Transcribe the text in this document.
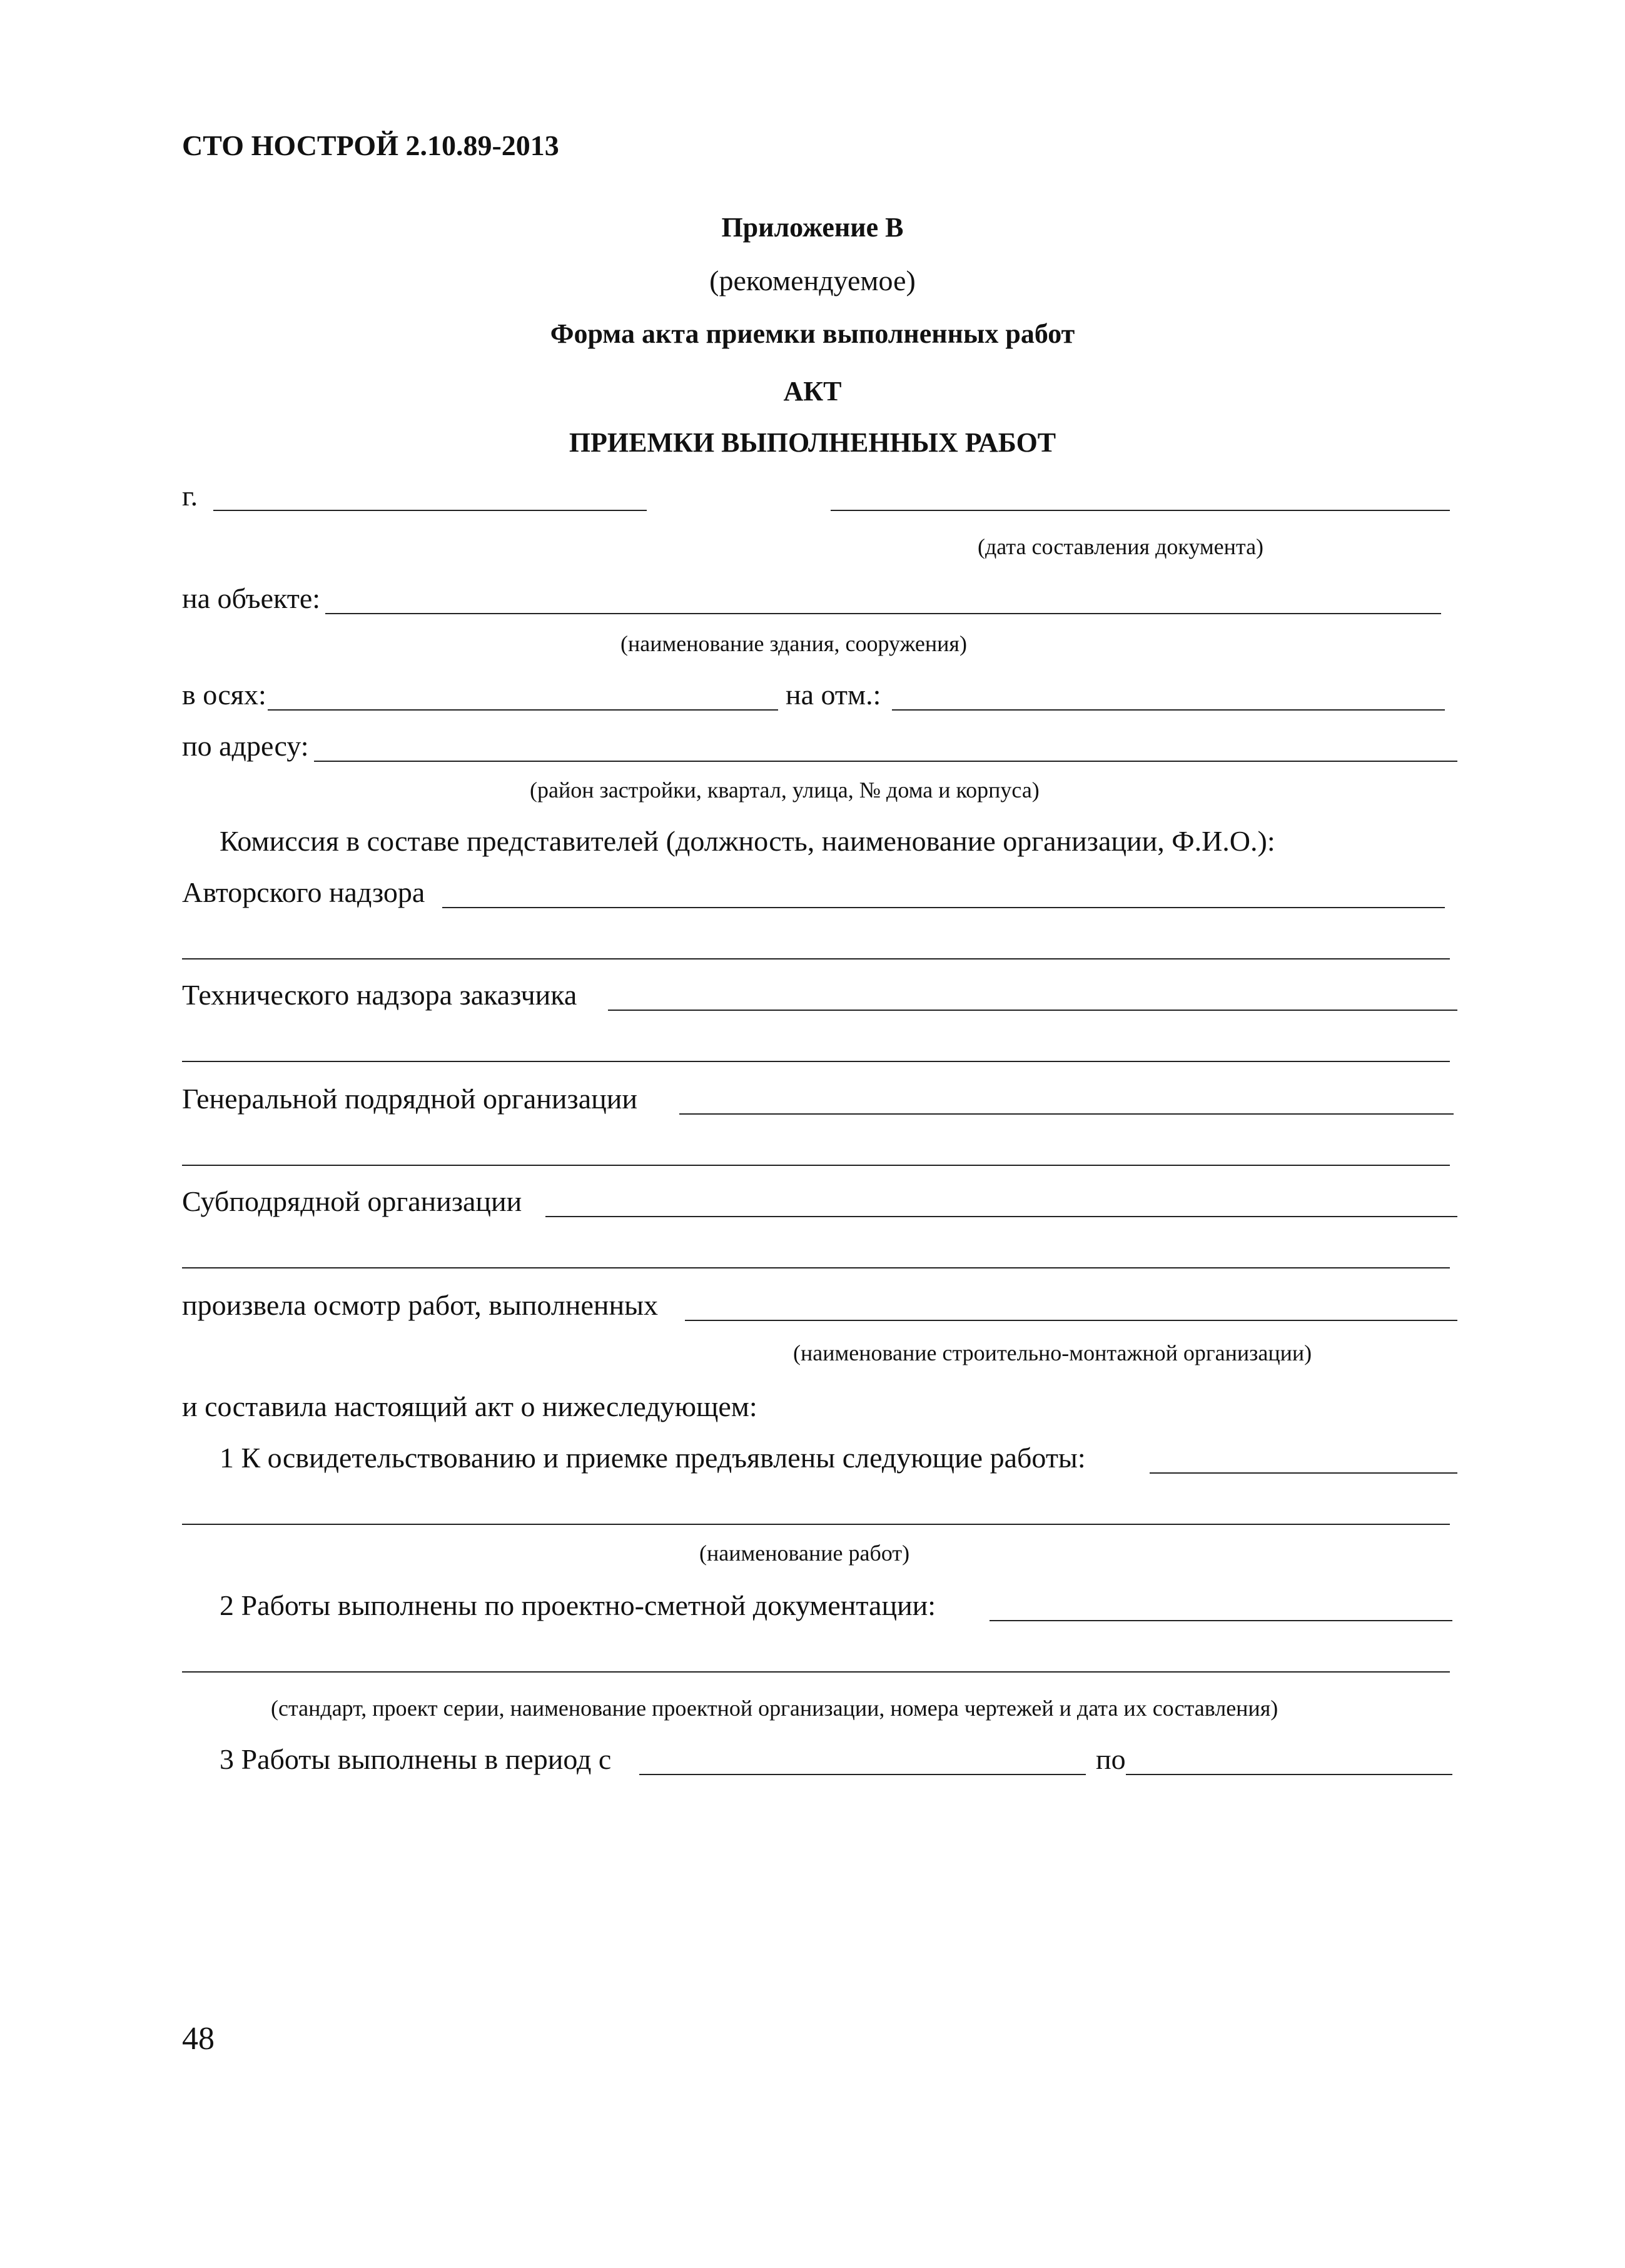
СТО НОСТРОЙ 2.10.89-2013
Приложение В
(рекомендуемое)
Форма акта приемки выполненных работ
АКТ
ПРИЕМКИ ВЫПОЛНЕННЫХ РАБОТ
г.
(дата составления документа)
на объекте:
(наименование здания, сооружения)
в осях:	на отм.:
по адресу:
(район застройки, квартал, улица, № дома и корпуса)
Комиссия в составе представителей (должность, наименование организации, Ф.И.О.):
Авторского надзора
Технического надзора заказчика
Генеральной подрядной организации
Субподрядной организации
произвела осмотр работ, выполненных
(наименование строительно-монтажной организации)
и составила настоящий акт о нижеследующем:
1 К освидетельствованию и приемке предъявлены следующие работы:
(наименование работ)
2 Работы выполнены по проектно-сметной документации:
(стандарт, проект серии, наименование проектной организации, номера чертежей и дата их составления)
3 Работы выполнены в период с	по
48
